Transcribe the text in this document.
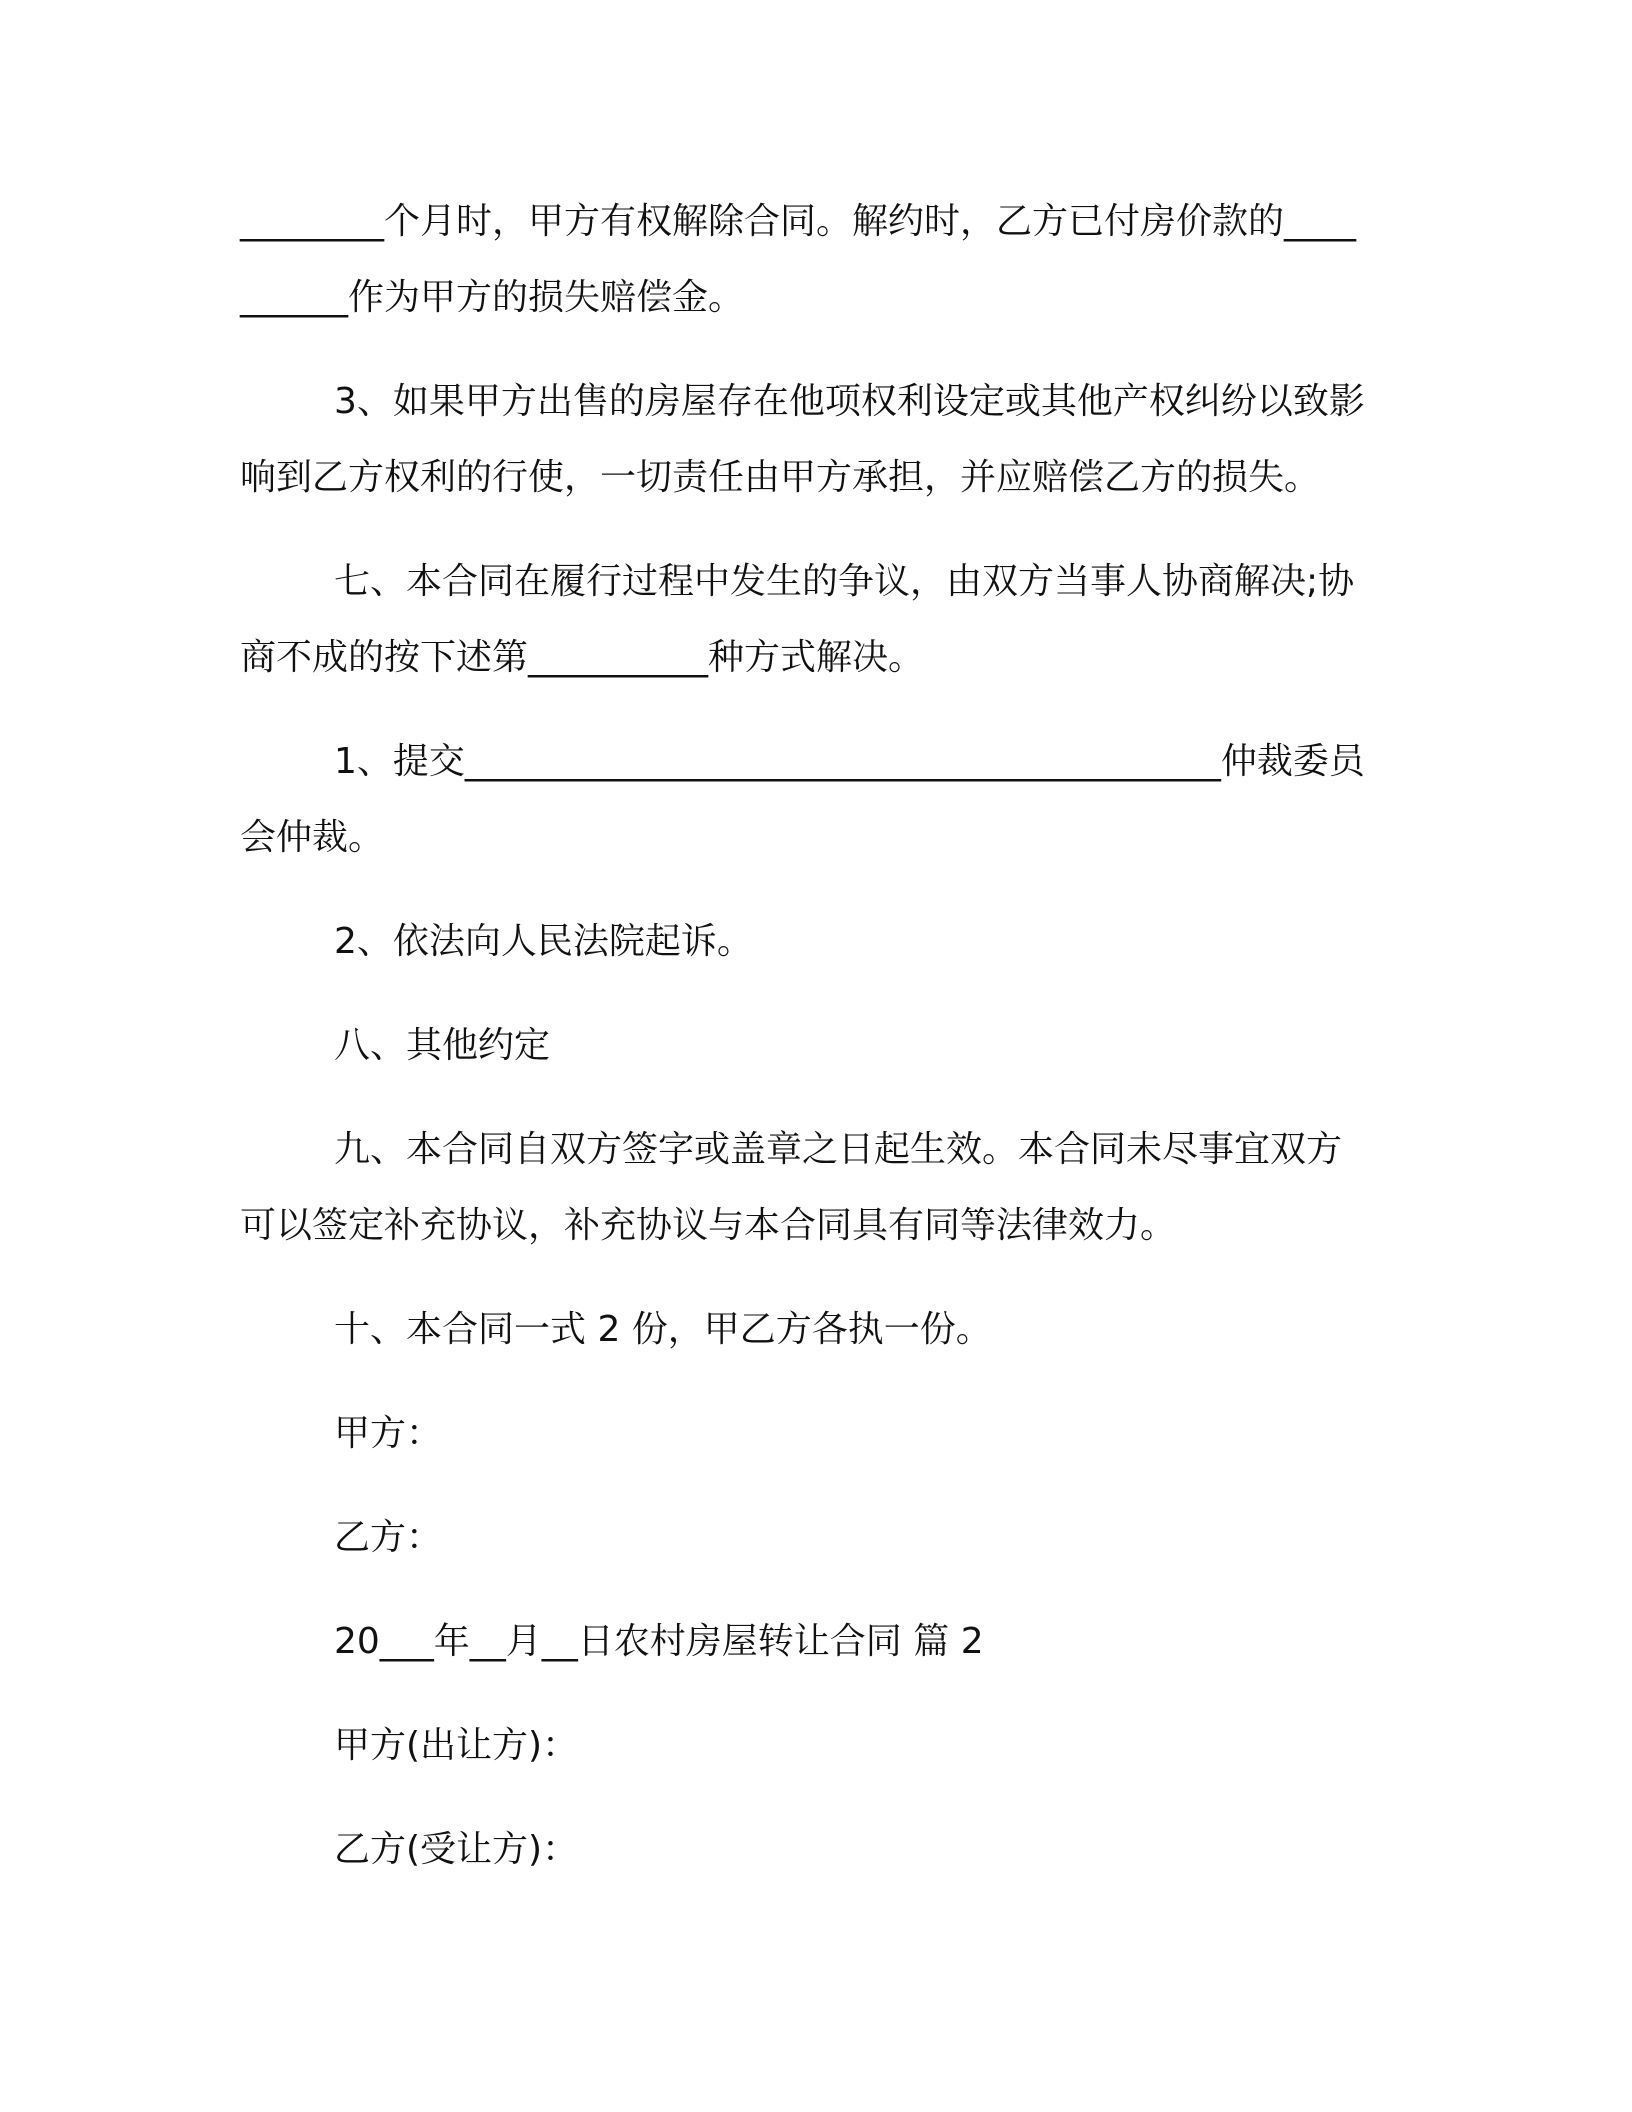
________个月时，甲方有权解除合同。解约时，乙方已付房价款的__________作为甲方的损失赔偿金。

3、如果甲方出售的房屋存在他项权利设定或其他产权纠纷以致影响到乙方权利的行使，一切责任由甲方承担，并应赔偿乙方的损失。

七、本合同在履行过程中发生的争议，由双方当事人协商解决;协商不成的按下述第__________种方式解决。

1、提交__________________________________________仲裁委员会仲裁。

2、依法向人民法院起诉。

八、其他约定

九、本合同自双方签字或盖章之日起生效。本合同未尽事宜双方可以签定补充协议，补充协议与本合同具有同等法律效力。

十、本合同一式 2 份，甲乙方各执一份。

甲方：

乙方：

20___年__月__日农村房屋转让合同 篇 2

甲方(出让方)：

乙方(受让方)：
